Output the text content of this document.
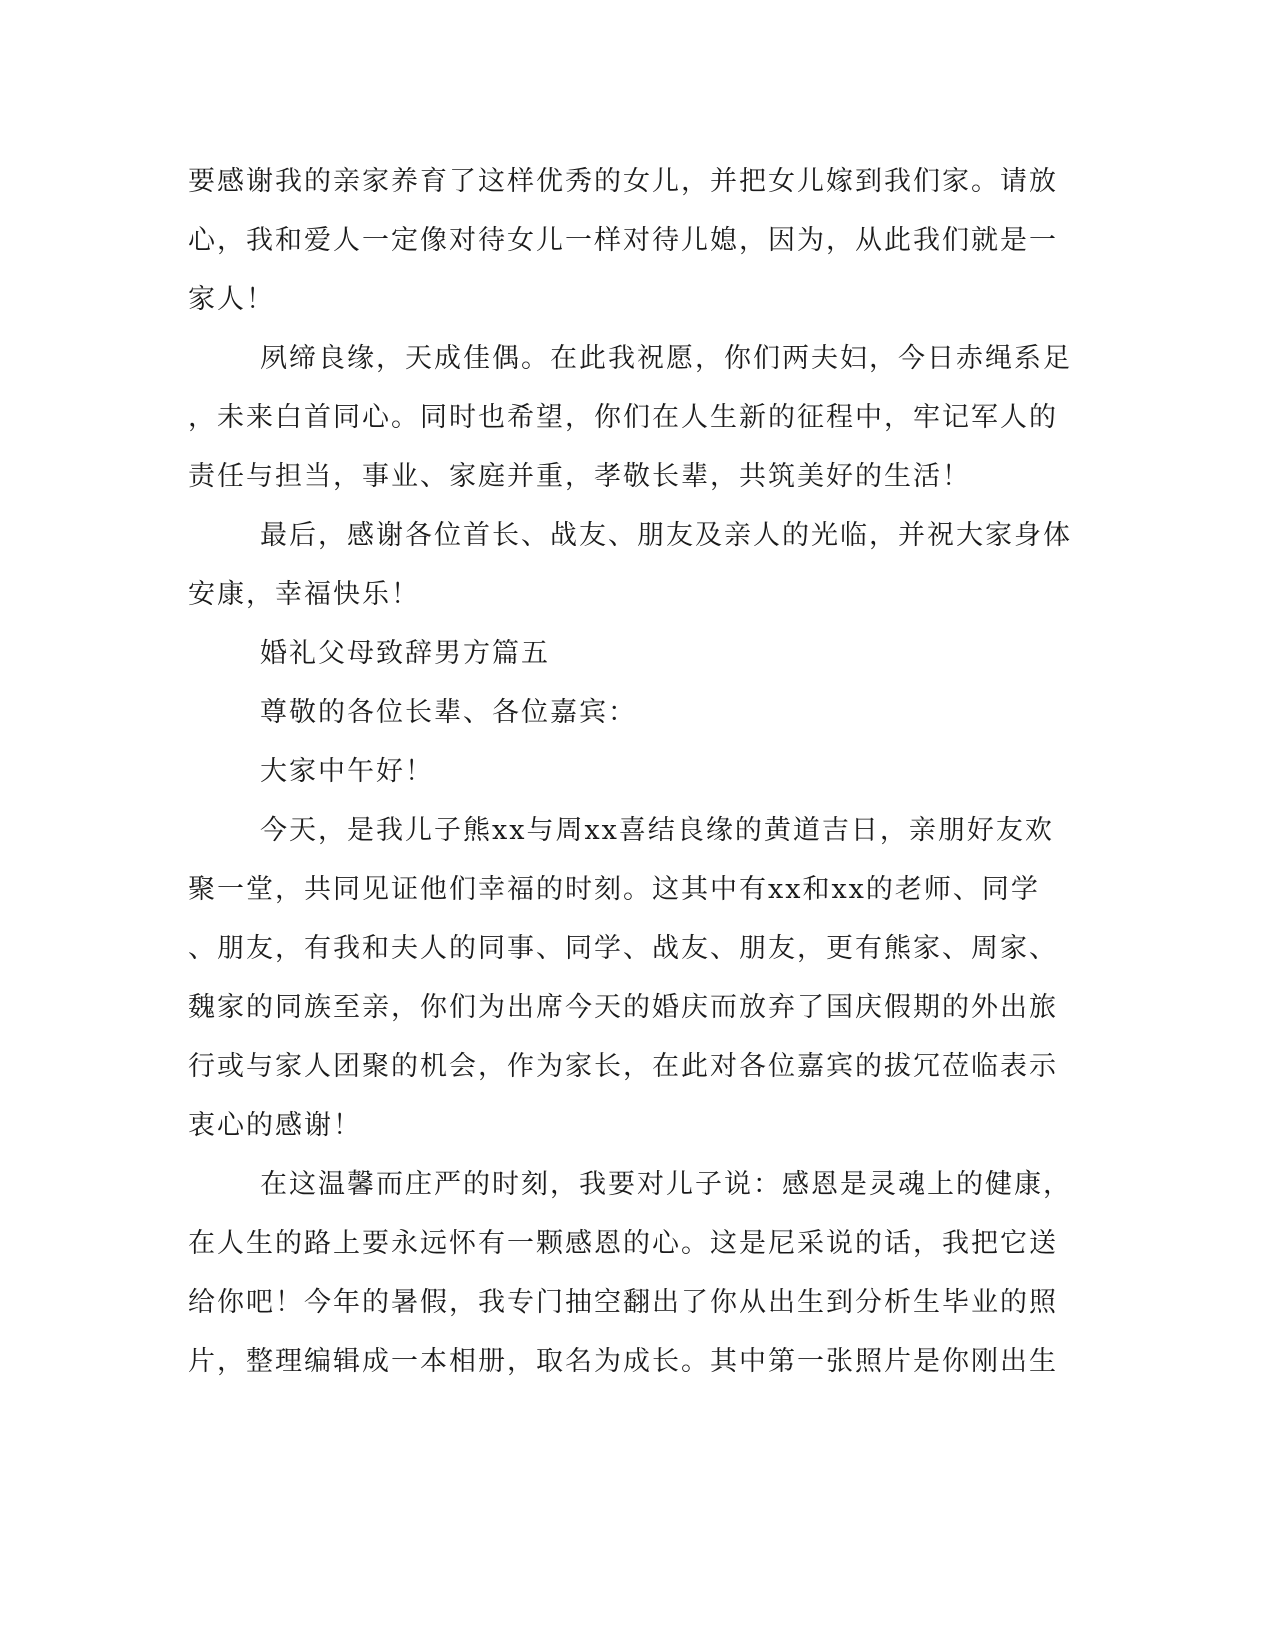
要感谢我的亲家养育了这样优秀的女儿，并把女儿嫁到我们家。请放
心，我和爱人一定像对待女儿一样对待儿媳，因为，从此我们就是一
家人！
夙缔良缘，天成佳偶。在此我祝愿，你们两夫妇，今日赤绳系足
，未来白首同心。同时也希望，你们在人生新的征程中，牢记军人的
责任与担当，事业、家庭并重，孝敬长辈，共筑美好的生活！
最后，感谢各位首长、战友、朋友及亲人的光临，并祝大家身体
安康，幸福快乐！
婚礼父母致辞男方篇五
尊敬的各位长辈、各位嘉宾：
大家中午好！
今天，是我儿子熊xx与周xx喜结良缘的黄道吉日，亲朋好友欢
聚一堂，共同见证他们幸福的时刻。这其中有xx和xx的老师、同学
、朋友，有我和夫人的同事、同学、战友、朋友，更有熊家、周家、
魏家的同族至亲，你们为出席今天的婚庆而放弃了国庆假期的外出旅
行或与家人团聚的机会，作为家长，在此对各位嘉宾的拔冗莅临表示
衷心的感谢！
在这温馨而庄严的时刻，我要对儿子说：感恩是灵魂上的健康，
在人生的路上要永远怀有一颗感恩的心。这是尼采说的话，我把它送
给你吧！今年的暑假，我专门抽空翻出了你从出生到分析生毕业的照
片，整理编辑成一本相册，取名为成长。其中第一张照片是你刚出生
